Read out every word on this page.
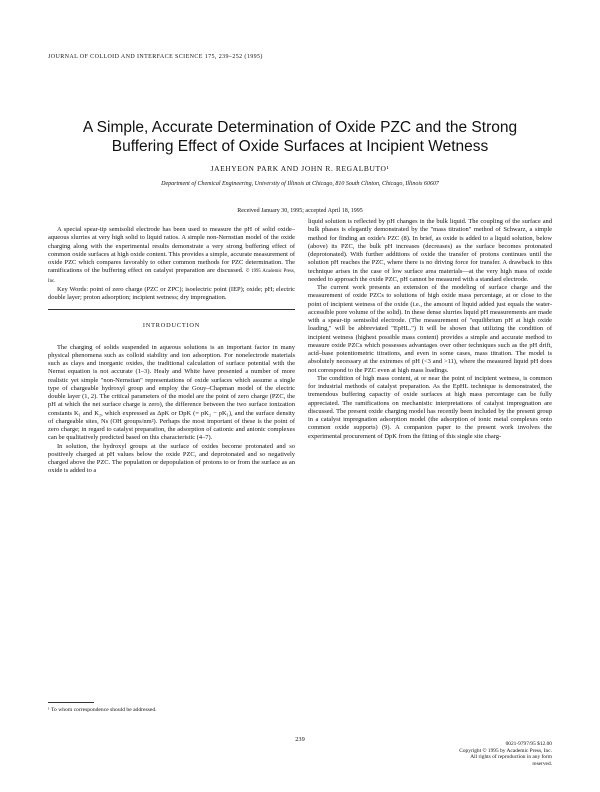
JOURNAL OF COLLOID AND INTERFACE SCIENCE 175, 239–252 (1995)
A Simple, Accurate Determination of Oxide PZC and the Strong Buffering Effect of Oxide Surfaces at Incipient Wetness
JAEHYEON PARK AND JOHN R. REGALBUTO¹
Department of Chemical Engineering, University of Illinois at Chicago, 810 South Clinton, Chicago, Illinois 60607
Received January 30, 1995; accepted April 18, 1995

A special spear-tip semisolid electrode has been used to measure the pH of solid oxide–aqueous slurries at very high solid to liquid ratios. A simple non-Nernstian model of the oxide charging along with the experimental results demonstrate a very strong buffering effect of common oxide surfaces at high oxide content. This provides a simple, accurate measurement of oxide PZC which compares favorably to other common methods for PZC determination. The ramifications of the buffering effect on catalyst preparation are discussed. © 1995 Academic Press, Inc.

Key Words: point of zero charge (PZC or ZPC); isoelectric point (IEP); oxide; pH; electric double layer; proton adsorption; incipient wetness; dry impregnation.

INTRODUCTION

The charging of solids suspended in aqueous solutions is an important factor in many physical phenomena such as colloid stability and ion adsorption. For nonelectrode materials such as clays and inorganic oxides, the traditional calculation of surface potential with the Nernst equation is not accurate (1–3). Healy and White have presented a number of more realistic yet simple "non-Nernstian" representations of oxide surfaces which assume a single type of chargeable hydroxyl group and employ the Gouy–Chapman model of the electric double layer (1, 2). The critical parameters of the model are the point of zero charge (PZC, the pH at which the net surface charge is zero), the difference between the two surface ionization constants K₁ and K₂, which expressed as ΔpK or DpK (= pK₂ − pK₁), and the surface density of chargeable sites, Ns (OH groups/nm²). Perhaps the most important of these is the point of zero charge; in regard to catalyst preparation, the adsorption of cationic and anionic complexes can be qualitatively predicted based on this characteristic (4–7).

In solution, the hydroxyl groups at the surface of oxides become protonated and so positively charged at pH values below the oxide PZC, and deprotonated and so negatively charged above the PZC. The population or depopulation of protons to or from the surface as an oxide is added to a

liquid solution is reflected by pH changes in the bulk liquid. The coupling of the surface and bulk phases is elegantly demonstrated by the "mass titration" method of Schwarz, a simple method for finding an oxide's PZC (8). In brief, as oxide is added to a liquid solution, below (above) its PZC, the bulk pH increases (decreases) as the surface becomes protonated (deprotonated). With further additions of oxide the transfer of protons continues until the solution pH reaches the PZC, where there is no driving force for transfer. A drawback to this technique arises in the case of low surface area materials—at the very high mass of oxide needed to approach the oxide PZC, pH cannot be measured with a standard electrode.

The current work presents an extension of the modeling of surface charge and the measurement of oxide PZCs to solutions of high oxide mass percentage, at or close to the point of incipient wetness of the oxide (i.e., the amount of liquid added just equals the water-accessible pore volume of the solid). In these dense slurries liquid pH measurements are made with a spear-tip semisolid electrode. (The measurement of "equilibrium pH at high oxide loading," will be abbreviated "EpHL.") It will be shown that utilizing the condition of incipient wetness (highest possible mass content) provides a simple and accurate method to measure oxide PZCs which possesses advantages over other techniques such as the pH drift, acid–base potentiometric titrations, and even in some cases, mass titration. The model is absolutely necessary at the extremes of pH (<3 and >11), where the measured liquid pH does not correspond to the PZC even at high mass loadings.

The condition of high mass content, at or near the point of incipient wetness, is common for industrial methods of catalyst preparation. As the EpHL technique is demonstrated, the tremendous buffering capacity of oxide surfaces at high mass percentage can be fully appreciated. The ramifications on mechanistic interpretations of catalyst impregnation are discussed. The present oxide charging model has recently been included by the present group in a catalyst impregnation adsorption model (the adsorption of ionic metal complexes onto common oxide supports) (9). A companion paper to the present work involves the experimental procurement of DpK from the fitting of this single site charg-

¹ To whom correspondence should be addressed.
239
0021-9797/95 $12.00
Copyright © 1995 by Academic Press, Inc.
All rights of reproduction in any form reserved.
